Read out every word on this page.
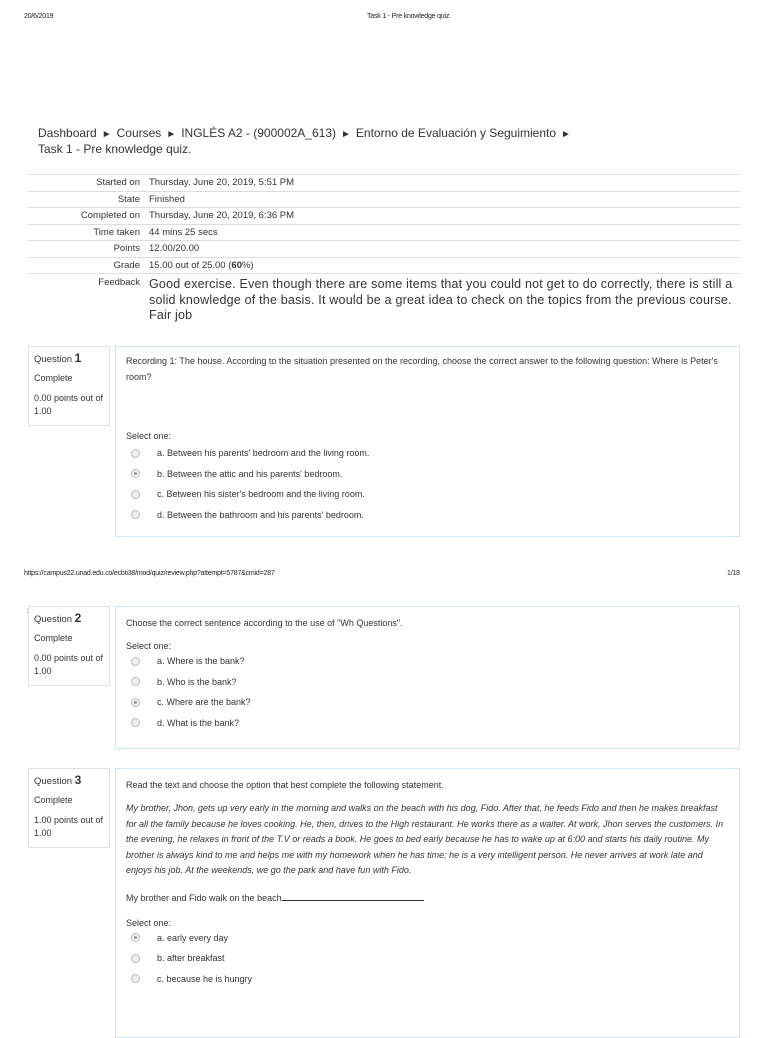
20/6/2019	Task 1 - Pre knowledge quiz.
Dashboard ► Courses ► INGLÉS A2 - (900002A_613) ► Entorno de Evaluación y Seguimiento ►
Task 1 - Pre knowledge quiz.
Started on	Thursday, June 20, 2019, 5:51 PM
State	Finished
Completed on	Thursday, June 20, 2019, 6:36 PM
Time taken	44 mins 25 secs
Points	12.00/20.00
Grade	15.00 out of 25.00 (60%)
Feedback	Good exercise. Even though there are some items that you could not get to do correctly, there is still a solid knowledge of the basis. It would be a great idea to check on the topics from the previous course. Fair job
Question 1
Complete
0.00 points out of 1.00
Recording 1: The house. According to the situation presented on the recording, choose the correct answer to the following question: Where is Peter's room?
Select one:
a. Between his parents' bedroom and the living room.
b. Between the attic and his parents' bedroom.
c. Between his sister's bedroom and the living room.
d. Between the bathroom and his parents' bedroom.
https://campus22.unad.edu.co/ecbti38/mod/quiz/review.php?attempt=5787&cmid=287	1/18
Question 2
Complete
0.00 points out of 1.00
Choose the correct sentence according to the use of "Wh Questions".
Select one:
a. Where is the bank?
b. Who is the bank?
c. Where are the bank?
d. What is the bank?
Question 3
Complete
1.00 points out of 1.00
Read the text and choose the option that best complete the following statement.
My brother, Jhon, gets up very early in the morning and walks on the beach with his dog, Fido. After that, he feeds Fido and then he makes breakfast for all the family because he loves cooking. He, then, drives to the High restaurant. He works there as a waiter. At work, Jhon serves the customers. In the evening, he relaxes in front of the T.V or reads a book. He goes to bed early because he has to wake up at 6:00 and starts his daily routine. My brother is always kind to me and helps me with my homework when he has time; he is a very intelligent person. He never arrives at work late and enjoys his job. At the weekends, we go the park and have fun with Fido.
My brother and Fido walk on the beach
Select one:
a. early every day
b. after breakfast
c. because he is hungry
